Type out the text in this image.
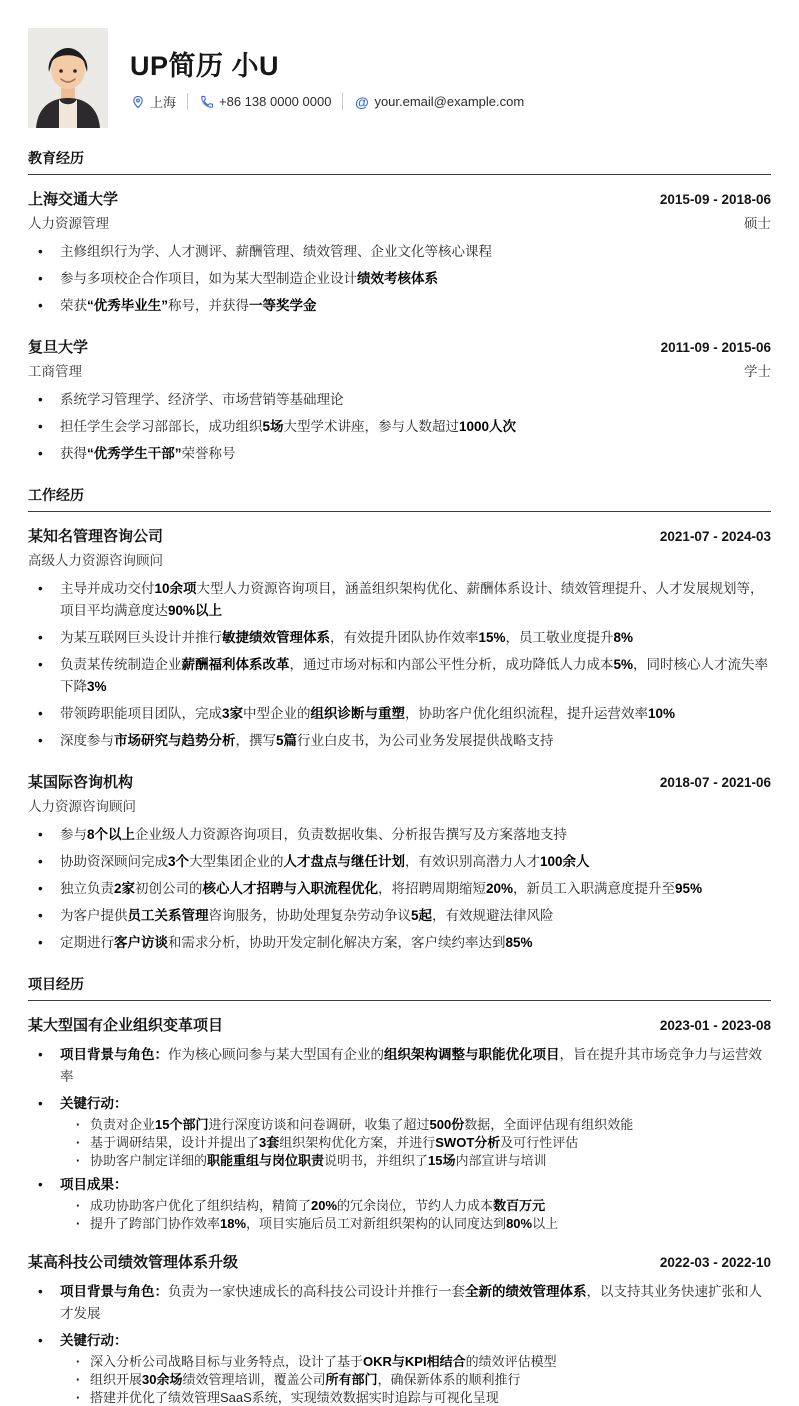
UP简历 小U
上海	+86 138 0000 0000 @ your.email@example.com
教育经历
上海交通大学	2015-09 - 2018-06
人力资源管理	硕士
• 主修组织行为学、人才测评、薪酬管理、绩效管理、企业文化等核心课程
• 参与多项校企合作项目，如为某大型制造企业设计绩效考核体系
• 荣获“优秀毕业生”称号，并获得一等奖学金
复旦大学	2011-09 - 2015-06
工商管理	学士
• 系统学习管理学、经济学、市场营销等基础理论
• 担任学生会学习部部长，成功组织5场大型学术讲座，参与人数超过1000人次
• 获得“优秀学生干部”荣誉称号
工作经历
某知名管理咨询公司	2021-07 - 2024-03
高级人力资源咨询顾问
• 主导并成功交付10余项大型人力资源咨询项目，涵盖组织架构优化、薪酬体系设计、绩效管理提升、人才发展规划等，项目平均满意度达90%以上
• 为某互联网巨头设计并推行敏捷绩效管理体系，有效提升团队协作效率15%，员工敬业度提升8%
• 负责某传统制造企业薪酬福利体系改革，通过市场对标和内部公平性分析，成功降低人力成本5%，同时核心人才流失率下降3%
• 带领跨职能项目团队，完成3家中型企业的组织诊断与重塑，协助客户优化组织流程，提升运营效率10%
• 深度参与市场研究与趋势分析，撰写5篇行业白皮书，为公司业务发展提供战略支持
某国际咨询机构	2018-07 - 2021-06
人力资源咨询顾问
• 参与8个以上企业级人力资源咨询项目，负责数据收集、分析报告撰写及方案落地支持
• 协助资深顾问完成3个大型集团企业的人才盘点与继任计划，有效识别高潜力人才100余人
• 独立负责2家初创公司的核心人才招聘与入职流程优化，将招聘周期缩短20%，新员工入职满意度提升至95%
• 为客户提供员工关系管理咨询服务，协助处理复杂劳动争议5起，有效规避法律风险
• 定期进行客户访谈和需求分析，协助开发定制化解决方案，客户续约率达到85%
项目经历
某大型国有企业组织变革项目	2023-01 - 2023-08
• 项目背景与角色：作为核心顾问参与某大型国有企业的组织架构调整与职能优化项目，旨在提升其市场竞争力与运营效率
• 关键行动：
· 负责对企业15个部门进行深度访谈和问卷调研，收集了超过500份数据，全面评估现有组织效能
· 基于调研结果，设计并提出了3套组织架构优化方案，并进行SWOT分析及可行性评估
· 协助客户制定详细的职能重组与岗位职责说明书，并组织了15场内部宣讲与培训
• 项目成果：
· 成功协助客户优化了组织结构，精简了20%的冗余岗位，节约人力成本数百万元
· 提升了跨部门协作效率18%，项目实施后员工对新组织架构的认同度达到80%以上
某高科技公司绩效管理体系升级	2022-03 - 2022-10
• 项目背景与角色：负责为一家快速成长的高科技公司设计并推行一套全新的绩效管理体系，以支持其业务快速扩张和人才发展
• 关键行动：
· 深入分析公司战略目标与业务特点，设计了基于OKR与KPI相结合的绩效评估模型
· 组织开展30余场绩效管理培训，覆盖公司所有部门，确保新体系的顺利推行
· 搭建并优化了绩效管理SaaS系统，实现绩效数据实时追踪与可视化呈现
